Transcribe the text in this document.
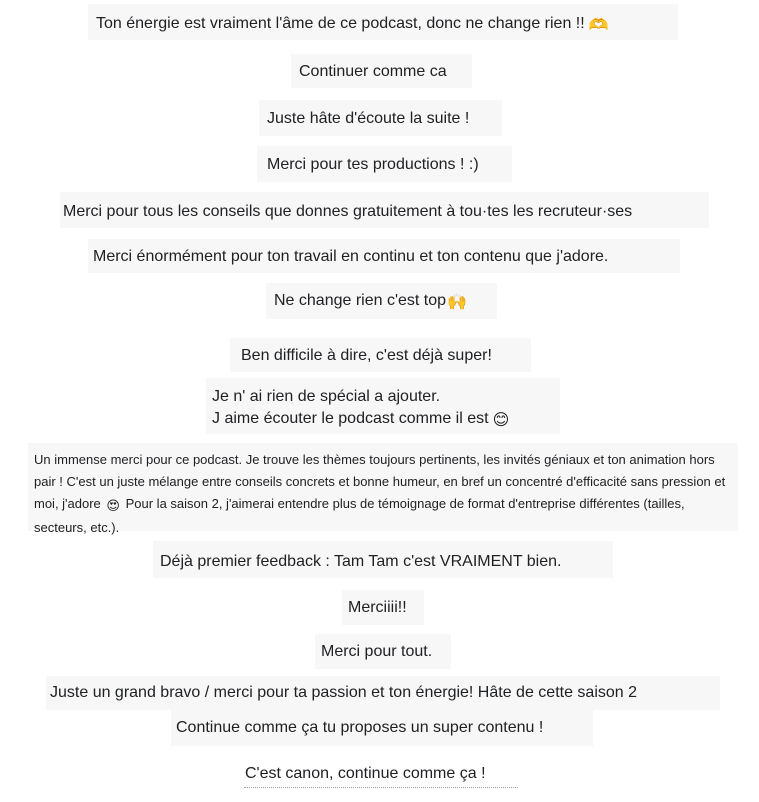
Ton énergie est vraiment l'âme de ce podcast, donc ne change rien !! 🫶
Continuer comme ca
Juste hâte d'écoute la suite !
Merci pour tes productions ! :)
Merci pour tous les conseils que donnes gratuitement à tou·tes les recruteur·ses
Merci énormément pour ton travail en continu et ton contenu que j'adore.
Ne change rien c'est top🙌
Ben difficile à dire, c'est déjà super!
Je n' ai rien de spécial a ajouter.
J aime écouter le podcast comme il est 😊
Un immense merci pour ce podcast. Je trouve les thèmes toujours pertinents, les invités géniaux et ton animation hors pair ! C'est un juste mélange entre conseils concrets et bonne humeur, en bref un concentré d'efficacité sans pression et moi, j'adore 😍 Pour la saison 2, j'aimerai entendre plus de témoignage de format d'entreprise différentes (tailles, secteurs, etc.).
Déjà premier feedback : Tam Tam c'est VRAIMENT bien.
Merciiii!!
Merci pour tout.
Juste un grand bravo / merci pour ta passion et ton énergie! Hâte de cette saison 2
Continue comme ça tu proposes un super contenu !
C'est canon, continue comme ça !
